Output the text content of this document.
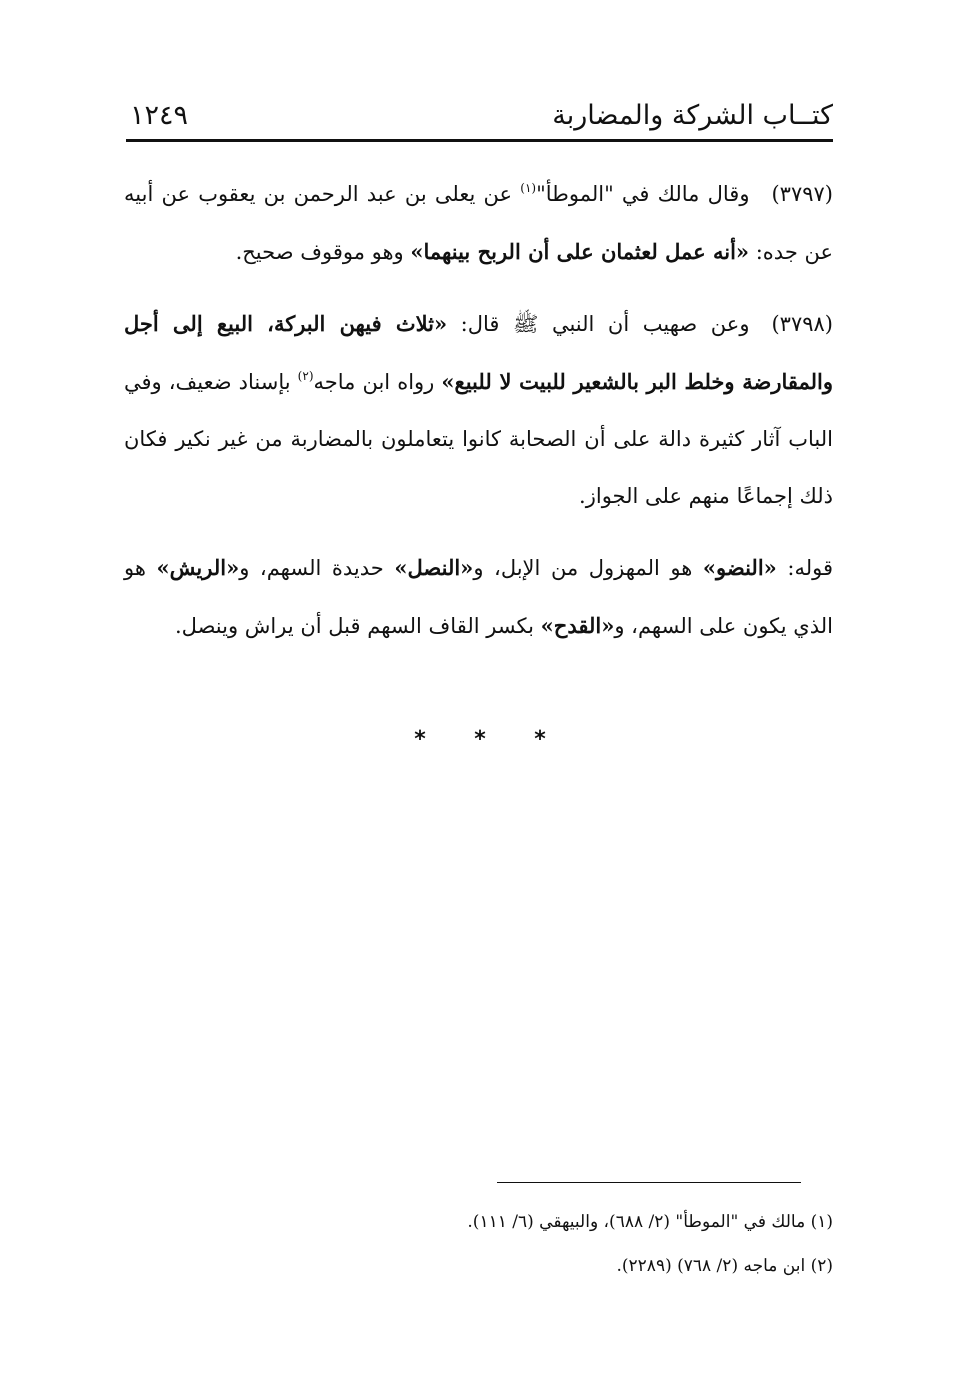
كتــاب الشركة والمضاربة
١٢٤٩

(٣٧٩٧)وقال مالك في "الموطأ"$^{(١)}$ عن يعلى بن عبد الرحمن بن يعقوب عن أبيه عن جده: «أنه عمل لعثمان على أن الربح بينهما» وهو موقوف صحيح.

(٣٧٩٨)وعن صهيب أن النبي ﷺ قال: «ثلاث فيهن البركة، البيع إلى أجل والمقارضة وخلط البر بالشعير للبيت لا للبيع» رواه ابن ماجه$^{(٢)}$ بإسناد ضعيف، وفي الباب آثار كثيرة دالة على أن الصحابة كانوا يتعاملون بالمضاربة من غير نكير فكان ذلك إجماعًا منهم على الجواز.

قوله: «النضو» هو المهزول من الإبل، و«النصل» حديدة السهم، و«الريش» هو الذي يكون على السهم، و«القدح» بكسر القاف السهم قبل أن يراش وينصل.

* * *

(١) مالك في "الموطأ" (٢/ ٦٨٨)، والبيهقي (٦/ ١١١).

(٢) ابن ماجه (٢/ ٧٦٨) (٢٢٨٩).
